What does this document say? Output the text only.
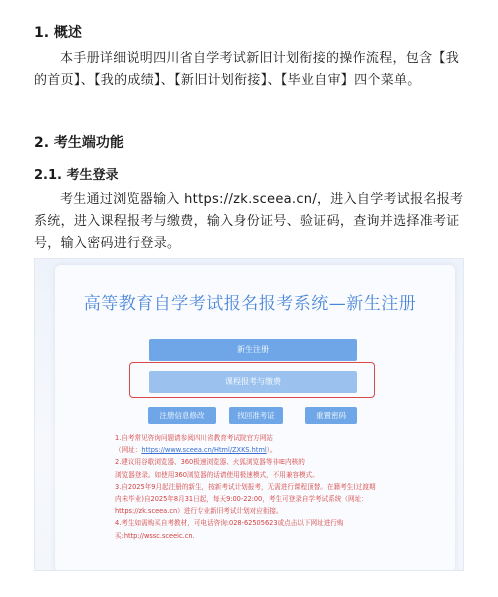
1. 概述
本手册详细说明四川省自学考试新旧计划衔接的操作流程，包含【我的首页】、【我的成绩】、【新旧计划衔接】、【毕业自审】四个菜单。
2. 考生端功能
2.1. 考生登录
考生通过浏览器输入 https://zk.sceea.cn/，进入自学考试报名报考系统，进入课程报考与缴费，输入身份证号、验证码，查询并选择准考证号，输入密码进行登录。
高等教育自学考试报名报考系统—新生注册
新生注册
课程报考与缴费
注册信息修改	找回准考证	重置密码
1.自考常见咨询问题请参阅四川省教育考试院官方网站
（网址：https://www.sceea.cn/Html/ZXKS.html）。
2.建议用谷歌浏览器、360极速浏览器、火狐浏览器等非IE内核的
浏览器登录。如使用360浏览器的话请使用极速模式，不用兼容模式。
3.自2025年9月起注册的新生，按新考试计划报考，无需进行课程顶替。在籍考生(过渡期
内未毕业)自2025年8月31日起，每天9:00-22:00，考生可登录自学考试系统（网址：
https://zk.sceea.cn）进行专业新旧考试计划对应衔接。
4.考生如需购买自考教材，可电话咨询:028-62505623或点击以下网址进行购
买:http://wssc.sceeic.cn.
